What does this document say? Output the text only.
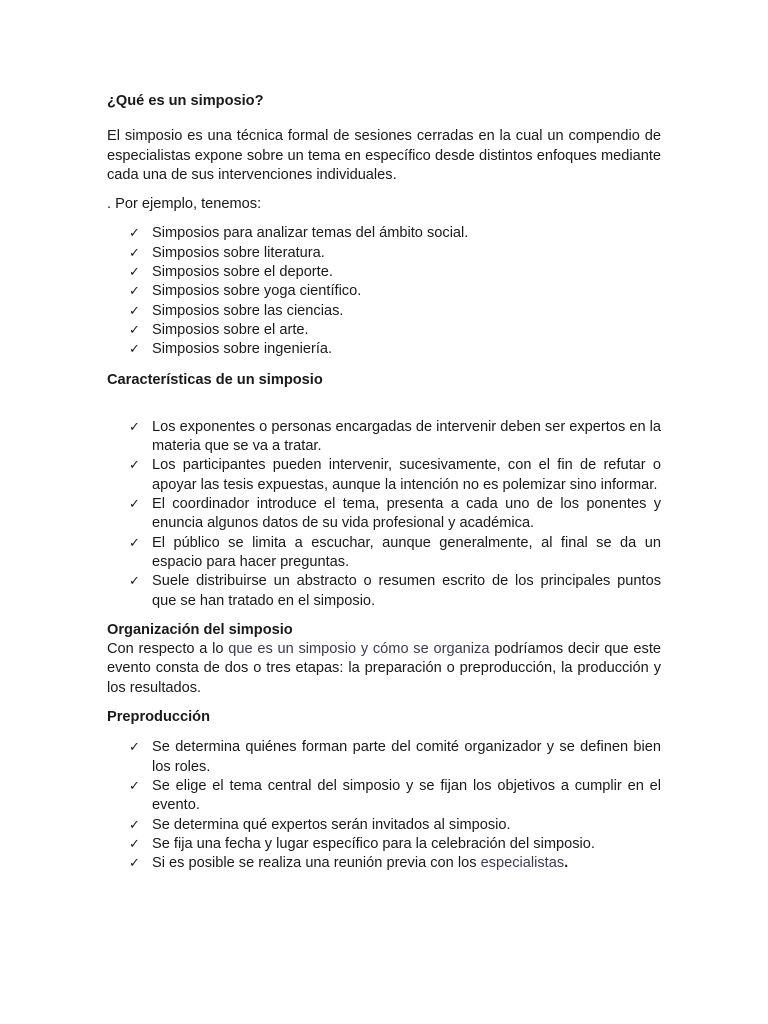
¿Qué es un simposio?

El simposio es una técnica formal de sesiones cerradas en la cual un compendio de especialistas expone sobre un tema en específico desde distintos enfoques mediante cada una de sus intervenciones individuales.

. Por ejemplo, tenemos:

✓ Simposios para analizar temas del ámbito social.
✓ Simposios sobre literatura.
✓ Simposios sobre el deporte.
✓ Simposios sobre yoga científico.
✓ Simposios sobre las ciencias.
✓ Simposios sobre el arte.
✓ Simposios sobre ingeniería.
Características de un simposio
✓ Los exponentes o personas encargadas de intervenir deben ser expertos en la materia que se va a tratar.
✓ Los participantes pueden intervenir, sucesivamente, con el fin de refutar o apoyar las tesis expuestas, aunque la intención no es polemizar sino informar.
✓ El coordinador introduce el tema, presenta a cada uno de los ponentes y enuncia algunos datos de su vida profesional y académica.
✓ El público se limita a escuchar, aunque generalmente, al final se da un espacio para hacer preguntas.
✓ Suele distribuirse un abstracto o resumen escrito de los principales puntos que se han tratado en el simposio.
Organización del simposio

Con respecto a lo que es un simposio y cómo se organiza podríamos decir que este evento consta de dos o tres etapas: la preparación o preproducción, la producción y los resultados.

Preproducción
✓ Se determina quiénes forman parte del comité organizador y se definen bien los roles.
✓ Se elige el tema central del simposio y se fijan los objetivos a cumplir en el evento.
✓ Se determina qué expertos serán invitados al simposio.
✓ Se fija una fecha y lugar específico para la celebración del simposio.
✓ Si es posible se realiza una reunión previa con los especialistas.
